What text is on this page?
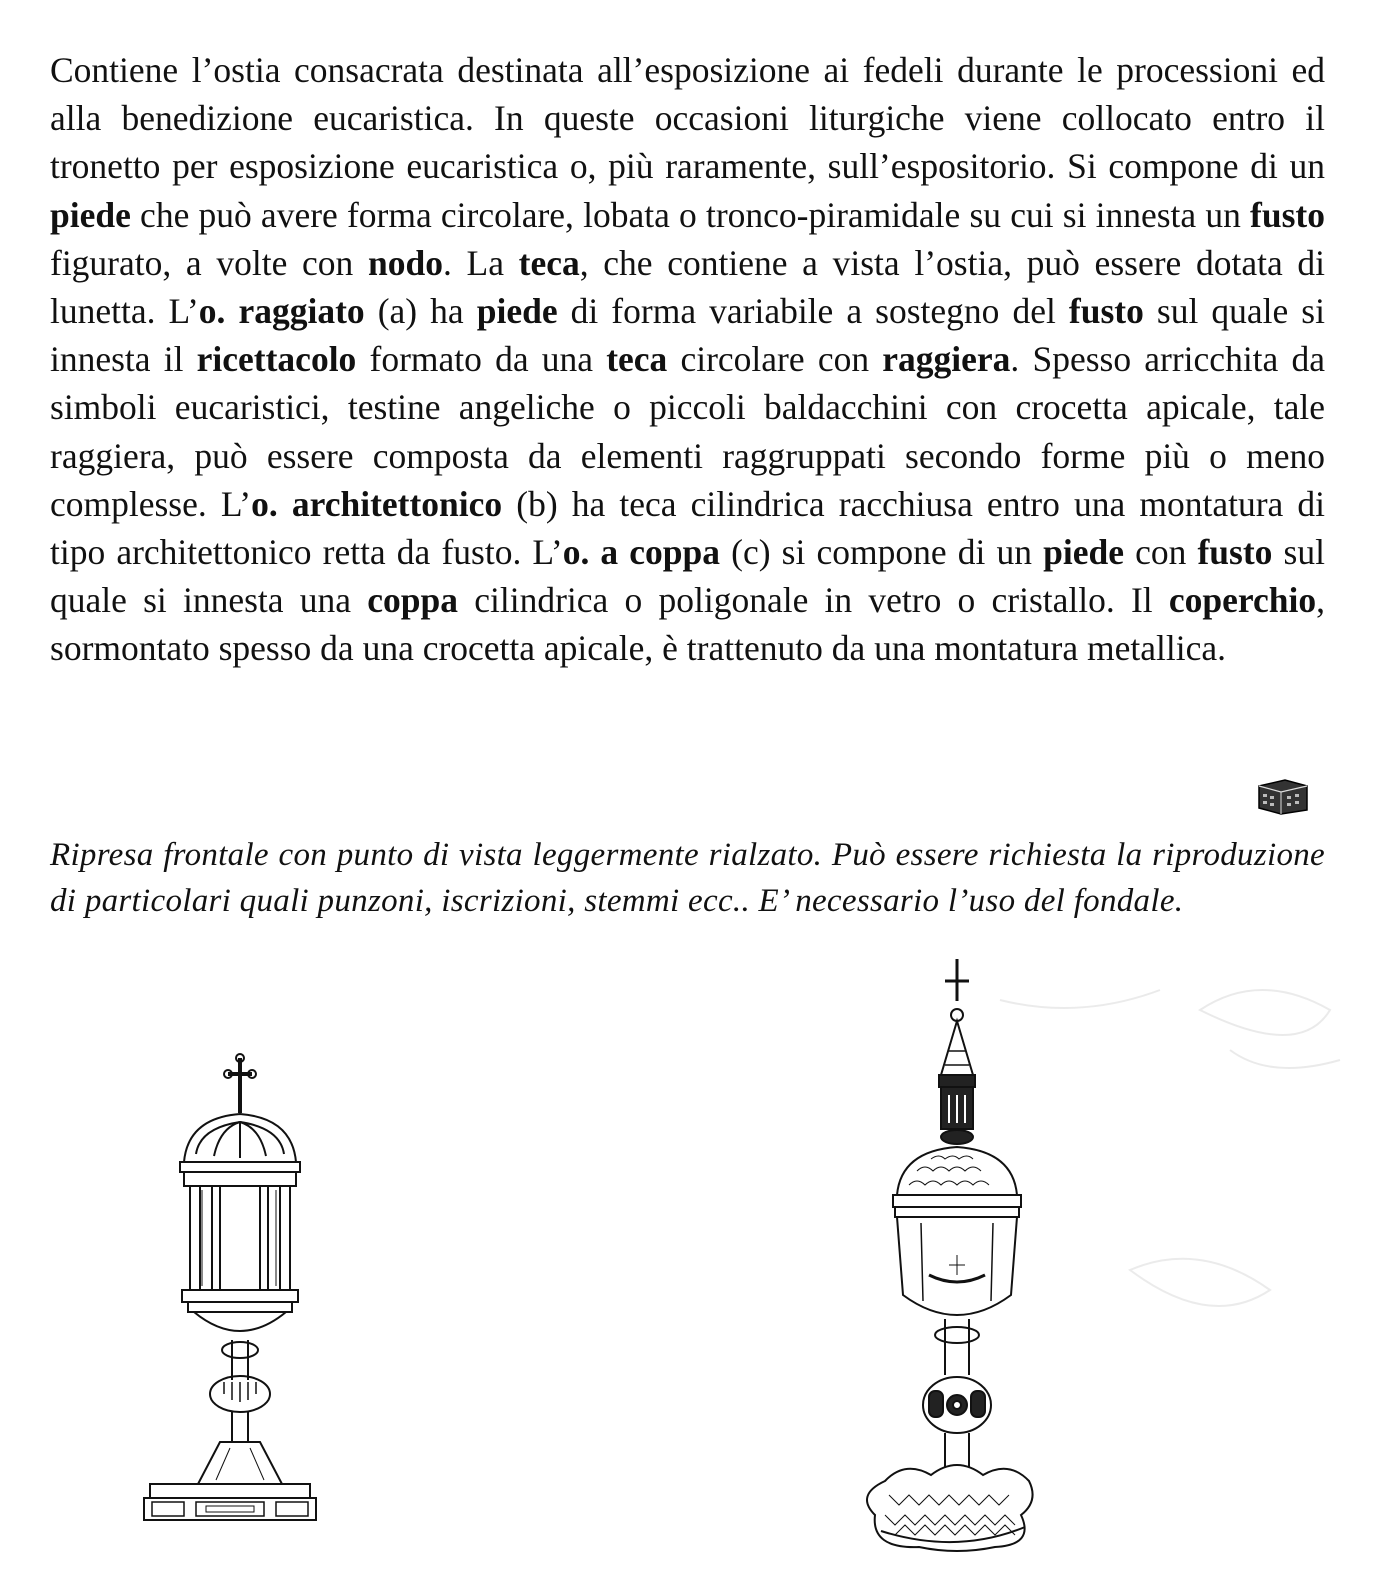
Contiene l’ostia consacrata destinata all’esposizione ai fedeli durante le processioni ed alla benedizione eucaristica. In queste occasioni liturgiche viene collocato entro il tronetto per esposizione eucaristica o, più raramente, sull’espositorio. Si compone di un piede che può avere forma circolare, lobata o tronco-piramidale su cui si innesta un fusto figurato, a volte con nodo. La teca, che contiene a vista l’ostia, può essere dotata di lunetta. L’o. raggiato (a) ha piede di forma variabile a sostegno del fusto sul quale si innesta il ricettacolo formato da una teca circolare con raggiera. Spesso arricchita da simboli eucaristici, testine angeliche o piccoli baldacchini con crocetta apicale, tale raggiera, può essere composta da elementi raggruppati secondo forme più o meno complesse. L’o. architettonico (b) ha teca cilindrica racchiusa entro una montatura di tipo architettonico retta da fusto. L’o. a coppa (c) si compone di un piede con fusto sul quale si innesta una coppa cilindrica o poligonale in vetro o cristallo. Il coperchio, sormontato spesso da una crocetta apicale, è trattenuto da una montatura metallica.

Ripresa frontale con punto di vista leggermente rialzato. Può essere richiesta la riproduzione di particolari quali punzoni, iscrizioni, stemmi ecc.. E’ necessario l’uso del fondale.
